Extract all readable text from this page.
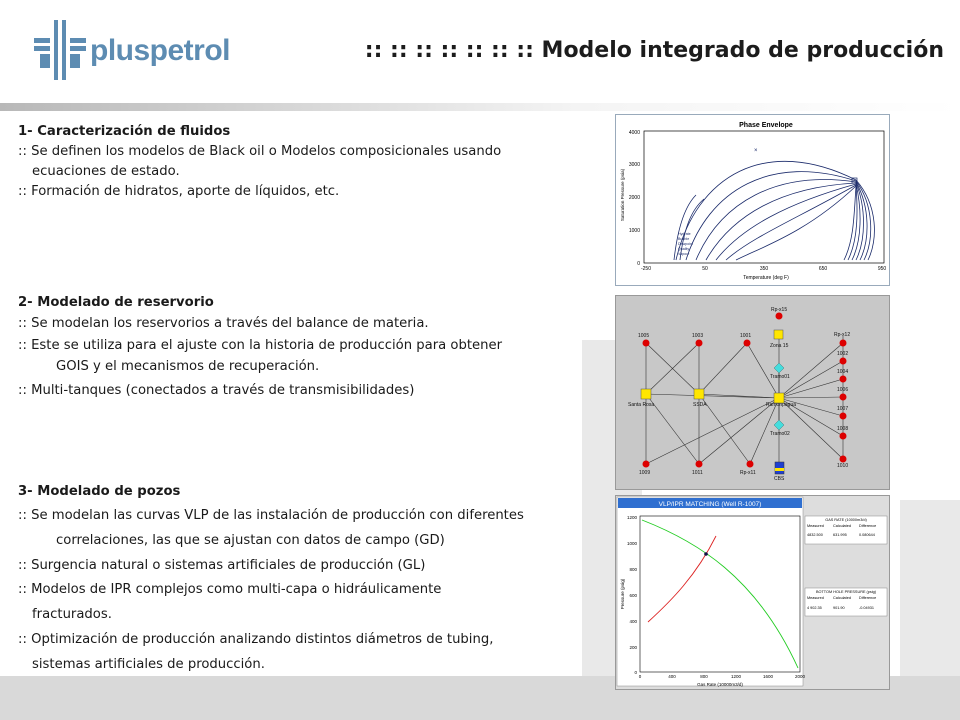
pluspetrol	:: :: :: :: :: :: :: Modelo integrado de producción
1- Caracterización de fluidos

:: Se definen los modelos de Black oil o Modelos composicionales usando

ecuaciones de estado.

:: Formación de hidratos, aporte de líquidos, etc.

2- Modelado de reservorio

:: Se modelan los reservorios a través del balance de materia.

:: Este se utiliza para el ajuste con la historia de producción para obtener

GOIS y el mecanismos de recuperación.

:: Multi-tanques (conectados a través de transmisibilidades)

3- Modelado de pozos

:: Se modelan las curvas VLP de las instalación de producción con diferentes

correlaciones, las que se ajustan con datos de campo (GD)

:: Surgencia natural o sistemas artificiales de producción (GL)

:: Modelos de IPR complejos como multi-capa o hidráulicamente

fracturados.

:: Optimización de producción analizando distintos diámetros de tubing,

sistemas artificiales de producción.

Phase Envelope
Saturation Pressure (psia)
Temperature (deg F)
4000
3000
2000
1000
0
-250	50	350	650	950
×
Hydrate
Bubble
Dewpoint
Quality
Vapour
Rp-x15
Zona 15
Tramo01
Tramo02
Rp-x12
1005	1003	1001
1002
1004
1006
1007
1008
1010
1009	1011	Rp-x11
Santa Rosa	SSDA	Ramonpagua
CBS
VLP/IPR MATCHING (Well R-1007)
Pressure (psig)
Gas Rate (10000m3/d)
1200
1000
800
600
400
200
0
0	400	800	1200	1600	2000
GAS RATE (10000m3/d)
Measured Calculated Difference
4832.500	631.995	0.080644
BOTTOM HOLE PRESSURE (psig)
Measured Calculated Difference
4 902.35	901.90	-0.04931
